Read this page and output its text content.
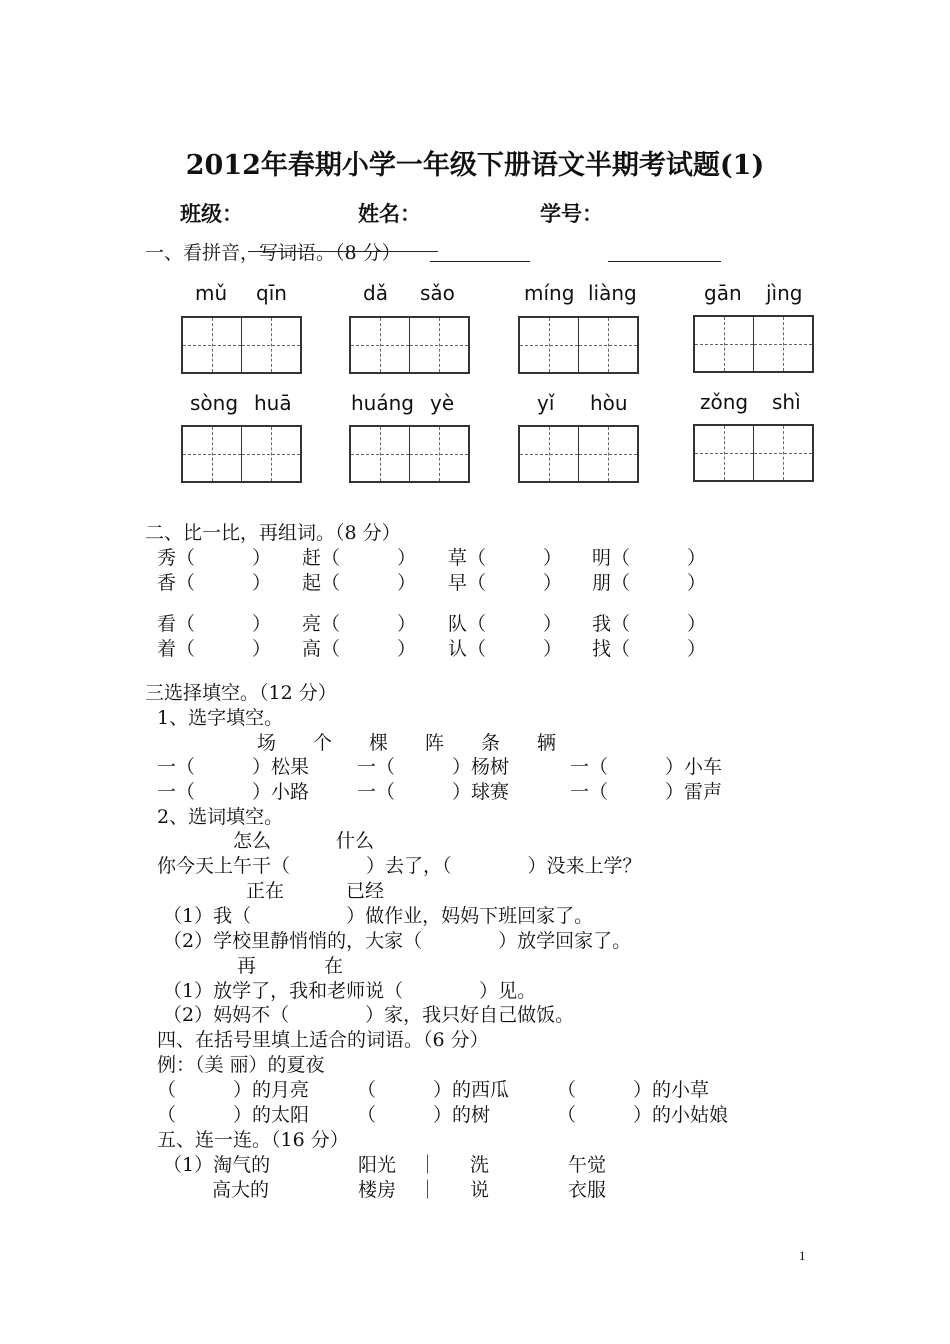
2012年春期小学一年级下册语文半期考试题(1)
班级：	姓名：	学号：
一、看拼音，写词语。（8 分）
mǔ qīn	dǎ sǎo	míng liàng	gān jìng
sòng huā	huáng yè	yǐ hòu	zǒng shì
二、比一比，再组词。（8 分）
秀（　　　） 赶（　　　） 草（　　　） 明（　　　）
香（　　　） 起（　　　） 早（　　　） 朋（　　　）
看（　　　） 亮（　　　） 队（　　　） 我（　　　）
着（　　　） 高（　　　） 认（　　　） 找（　　　）
三选择填空。（12 分）
1、选字填空。
场 个 棵 阵 条 辆
一（　　　）松果	一（　　　）杨树	一（　　　）小车
一（　　　）小路	一（　　　）球赛	一（　　　）雷声
2、选词填空。
怎么	什么
你今天上午干（　　　　）去了，（　　　　）没来上学？
正在	已经
（1）我（　　　　　）做作业，妈妈下班回家了。
（2）学校里静悄悄的，大家（　　　　）放学回家了。
再	在
（1）放学了，我和老师说（　　　　）见。
（2）妈妈不（　　　　）家，我只好自己做饭。
四、在括号里填上适合的词语。（6 分）
例：（美 丽）的夏夜
（　　　）的月亮	（　　　）的西瓜	（　　　）的小草
（　　　）的太阳	（　　　）的树	（　　　）的小姑娘
五、连一连。（16 分）
（1）淘气的	阳光 ｜ 洗	午觉
高大的	楼房 ｜ 说	衣服
1
